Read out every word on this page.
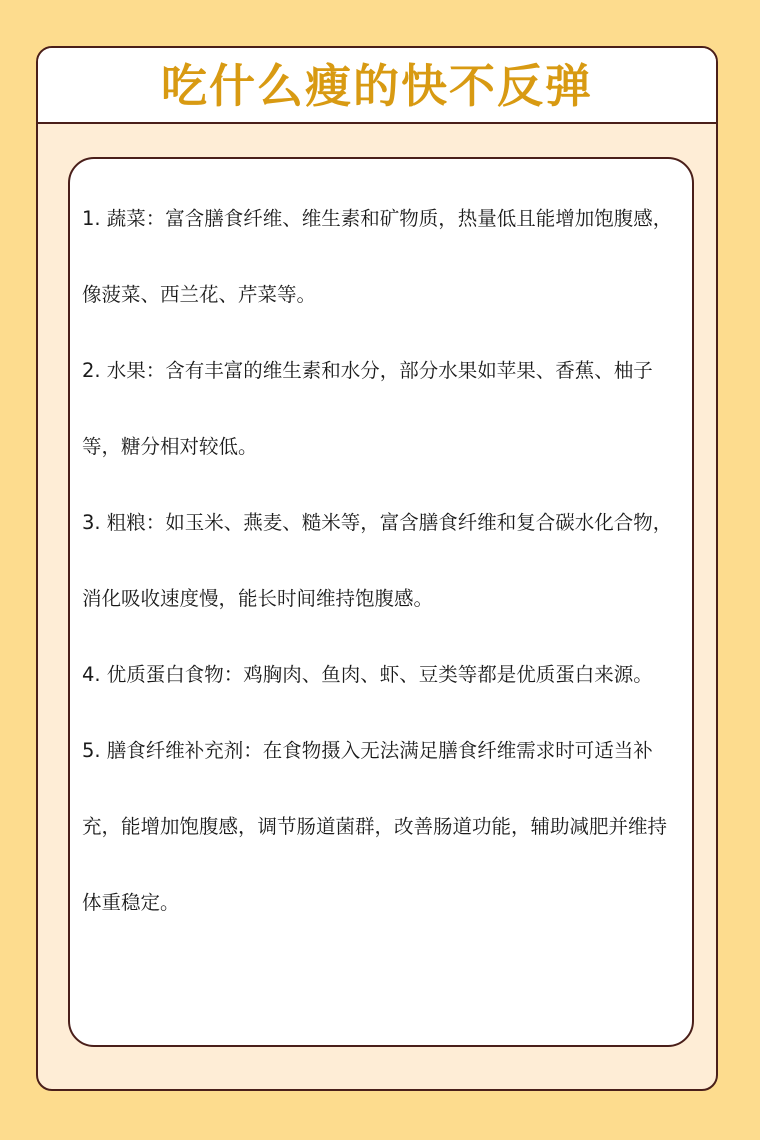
吃什么瘦的快不反弹
1. 蔬菜：富含膳食纤维、维生素和矿物质，热量低且能增加饱腹感，像菠菜、西兰花、芹菜等。
2. 水果：含有丰富的维生素和水分，部分水果如苹果、香蕉、柚子等，糖分相对较低。
3. 粗粮：如玉米、燕麦、糙米等，富含膳食纤维和复合碳水化合物，消化吸收速度慢，能长时间维持饱腹感。
4. 优质蛋白食物：鸡胸肉、鱼肉、虾、豆类等都是优质蛋白来源。
5. 膳食纤维补充剂：在食物摄入无法满足膳食纤维需求时可适当补充，能增加饱腹感，调节肠道菌群，改善肠道功能，辅助减肥并维持体重稳定。
